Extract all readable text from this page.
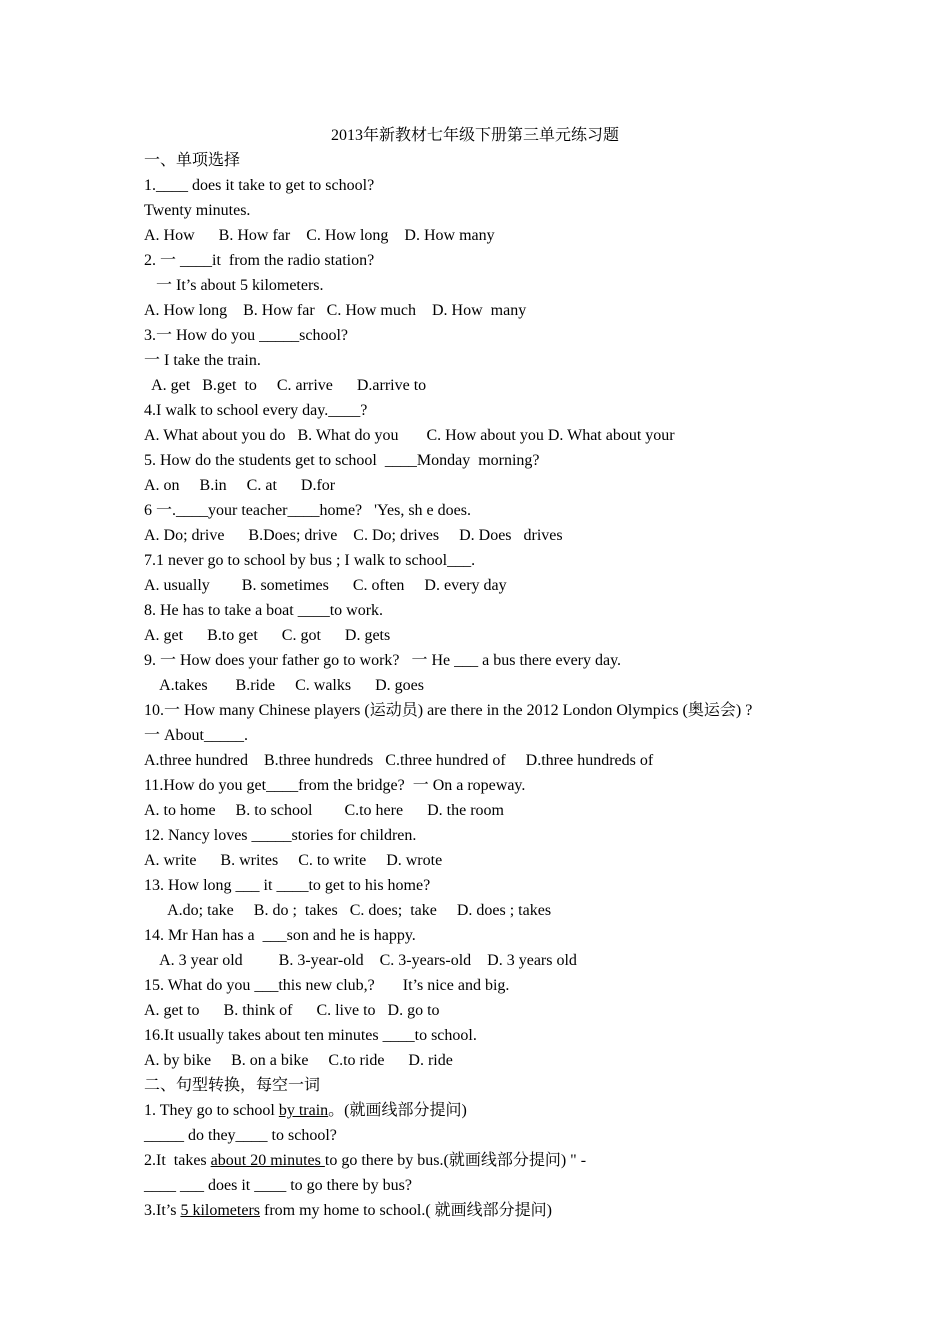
2013年新教材七年级下册第三单元练习题
一、单项选择
1.____ does it take to get to school?
Twenty minutes.
A. How      B. How far    C. How long    D. How many
2. 一 ____it  from the radio station?
一 It’s about 5 kilometers.
A. How long    B. How far   C. How much    D. How  many
3.一 How do you _____school?
一 I take the train.
A. get   B.get  to     C. arrive      D.arrive to
4.I walk to school every day.____?
A. What about you do   B. What do you       C. How about you D. What about your
5. How do the students get to school  ____Monday  morning?
A. on     B.in     C. at      D.for
6 一.____your teacher____home?   'Yes, sh e does.
A. Do; drive      B.Does; drive    C. Do; drives     D. Does   drives
7.1 never go to school by bus ; I walk to school___.
A. usually        B. sometimes      C. often     D. every day
8. He has to take a boat ____to work.
A. get      B.to get      C. got      D. gets
9. 一 How does your father go to work?   一 He ___ a bus there every day.
A.takes       B.ride     C. walks      D. goes
10.一 How many Chinese players (运动员) are there in the 2012 London Olympics (奥运会) ?
一 About_____.
A.three hundred    B.three hundreds   C.three hundred of     D.three hundreds of
11.How do you get____from the bridge?  一 On a ropeway.
A. to home     B. to school        C.to here      D. the room
12. Nancy loves _____stories for children.
A. write      B. writes     C. to write     D. wrote
13. How long ___ it ____to get to his home?
A.do; take     B. do ;  takes   C. does;  take     D. does ; takes
14. Mr Han has a  ___son and he is happy.
A. 3 year old         B. 3-year-old    C. 3-years-old    D. 3 years old
15. What do you ___this new club,?       It’s nice and big.
A. get to      B. think of      C. live to   D. go to
16.It usually takes about ten minutes ____to school.
A. by bike     B. on a bike     C.to ride      D. ride
二、句型转换，每空一词
1. They go to school by train。(就画线部分提问)
_____ do they____ to school?
2.It  takes about 20 minutes to go there by bus.(就画线部分提问) " -
____ ___ does it ____ to go there by bus?
3.It’s 5 kilometers from my home to school.( 就画线部分提问)
